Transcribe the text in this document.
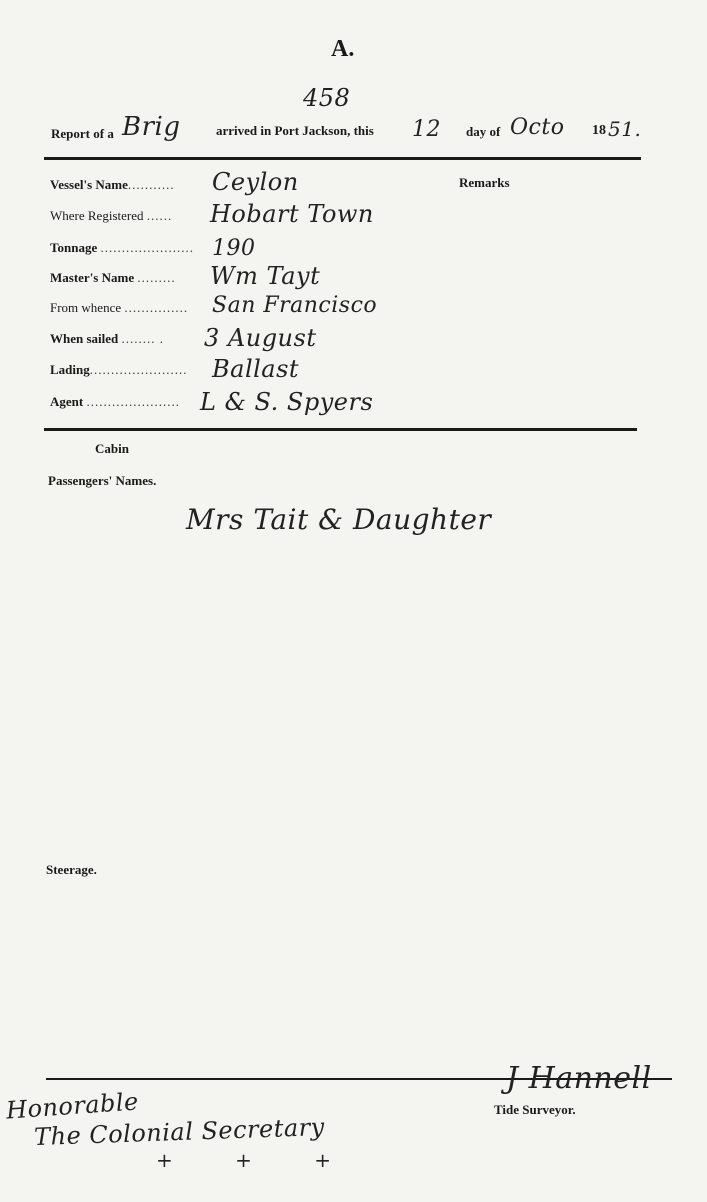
A.
458
Report of a Brig	arrived in Port Jackson, this 12 day of Octo 18 51.
Remarks
Vessel's Name........... Ceylon
Where Registered ...... Hobart Town
Tonnage ...................... 190
Master's Name ......... Wm Tayt
From whence ............... San Francisco
When sailed ........ . 3 August
Lading....................... Ballast
Agent ...................... L & S. Spyers
Cabin
Passengers' Names.
Mrs Tait & Daughter
Steerage.
J Hannell
Tide Surveyor.
Honorable
The Colonial Secretary
+ + +
